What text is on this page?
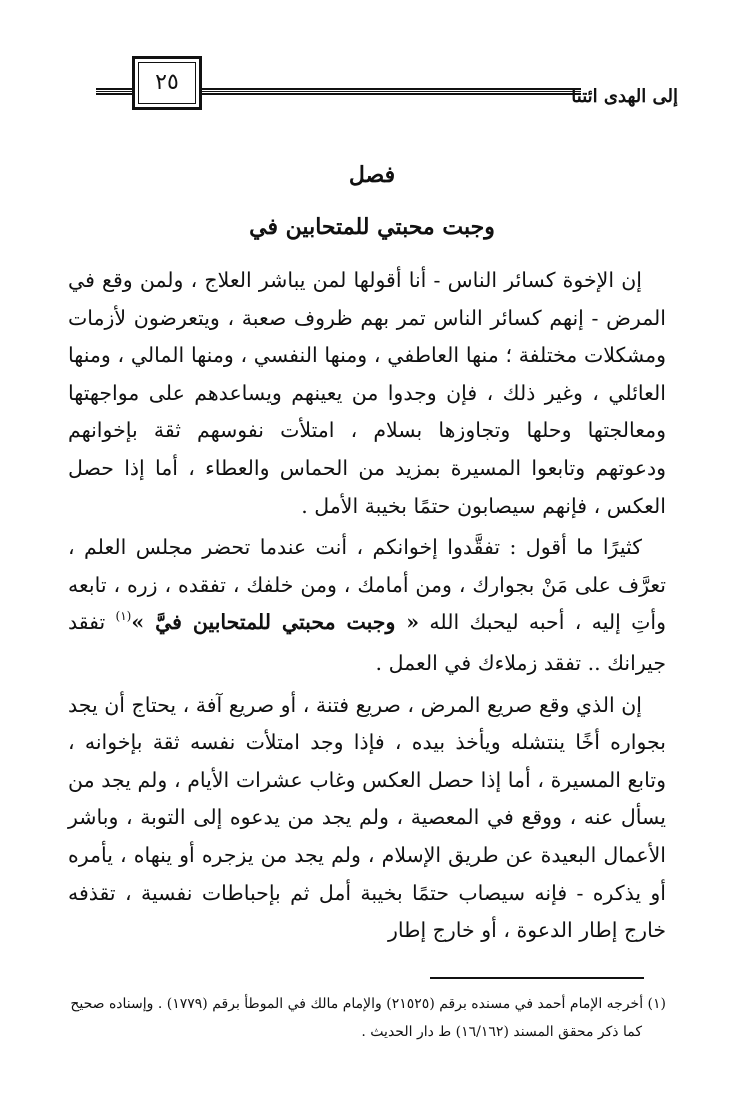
٢٥
إلى الهدى ائتنا
فصل
وجبت محبتي للمتحابين في

إن الإخوة كسائر الناس - أنا أقولها لمن يباشر العلاج ، ولمن وقع في المرض - إنهم كسائر الناس تمر بهم ظروف صعبة ، ويتعرضون لأزمات ومشكلات مختلفة ؛ منها العاطفي ، ومنها النفسي ، ومنها المالي ، ومنها العائلي ، وغير ذلك ، فإن وجدوا من يعينهم ويساعدهم على مواجهتها ومعالجتها وحلها وتجاوزها بسلام ، امتلأت نفوسهم ثقة بإخوانهم ودعوتهم وتابعوا المسيرة بمزيد من الحماس والعطاء ، أما إذا حصل العكس ، فإنهم سيصابون حتمًا بخيبة الأمل .

كثيرًا ما أقول : تفقَّدوا إخوانكم ، أنت عندما تحضر مجلس العلم ، تعرَّف على مَنْ بجوارك ، ومن أمامك ، ومن خلفك ، تفقده ، زره ، تابعه وأتِ إليه ، أحبه ليحبك الله « وجبت محبتي للمتحابين فيَّ »$^{(١)}$ تفقد جيرانك .. تفقد زملاءك في العمل .

إن الذي وقع صريع المرض ، صريع فتنة ، أو صريع آفة ، يحتاج أن يجد بجواره أخًا ينتشله ويأخذ بيده ، فإذا وجد امتلأت نفسه ثقة بإخوانه ، وتابع المسيرة ، أما إذا حصل العكس وغاب عشرات الأيام ، ولم يجد من يسأل عنه ، ووقع في المعصية ، ولم يجد من يدعوه إلى التوبة ، وباشر الأعمال البعيدة عن طريق الإسلام ، ولم يجد من يزجره أو ينهاه ، يأمره أو يذكره - فإنه سيصاب حتمًا بخيبة أمل ثم بإحباطات نفسية ، تقذفه خارج إطار الدعوة ، أو خارج إطار

(١) أخرجه الإمام أحمد في مسنده برقم (٢١٥٢٥) والإمام مالك في الموطأ برقم (١٧٧٩) . وإسناده صحيح

كما ذكر محقق المسند (١٦/١٦٢) ط دار الحديث .
